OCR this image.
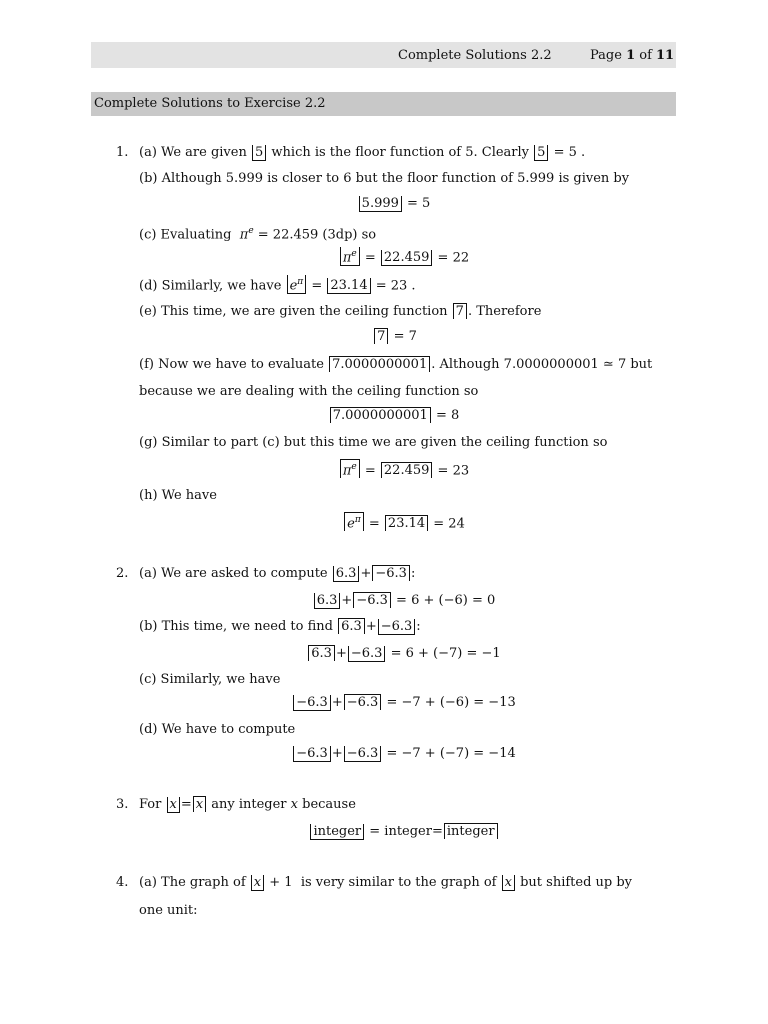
Complete Solutions 2.2	Page 1 of 11
Complete Solutions to Exercise 2.2
1. (a) We are given 5 which is the floor function of 5. Clearly 5 = 5 .
(b) Although 5.999 is closer to 6 but the floor function of 5.999 is given by
5.999 = 5
(c) Evaluating $\pi^e = 22.459$ (3dp) so
$\pi^e = 22.459 = 22$
(d) Similarly, we have $e^\pi = 23.14 = 23$ .
(e) This time, we are given the ceiling function 7 . Therefore
7 = 7
(f) Now we have to evaluate 7.0000000001 . Although 7.0000000001 ≃ 7 but
because we are dealing with the ceiling function so
7.0000000001 = 8
(g) Similar to part (c) but this time we are given the ceiling function so
$\pi^e = 22.459 = 23$
(h) We have
$e^\pi = 23.14 = 24$
2. (a) We are asked to compute 6.3 + −6.3 :
6.3 + −6.3 = 6 + (−6) = 0
(b) This time, we need to find 6.3 + −6.3 :
6.3 + −6.3 = 6 + (−7) = −1
(c) Similarly, we have
−6.3 + −6.3 = −7 + (−6) = −13
(d) We have to compute
−6.3 + −6.3 = −7 + (−7) = −14
3. For x = x any integer x because
integer = integer= integer
4. (a) The graph of x + 1 is very similar to the graph of x but shifted up by
one unit:
